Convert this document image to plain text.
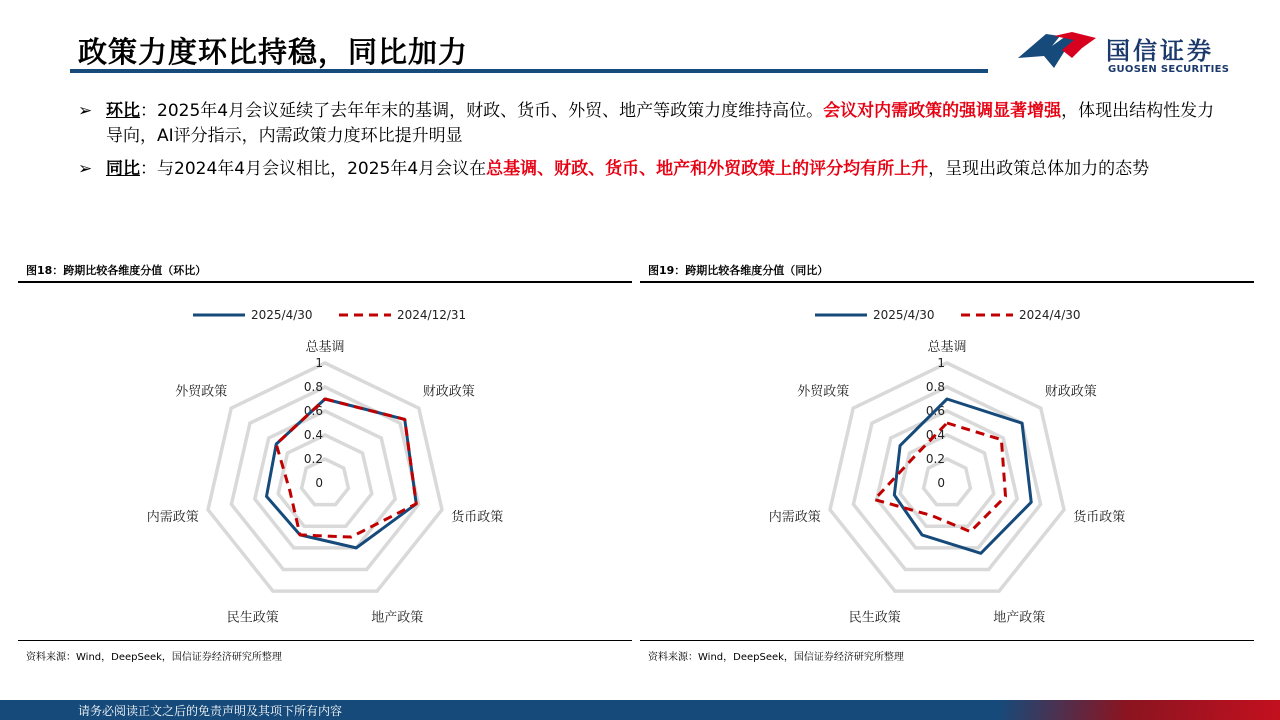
政策力度环比持稳，同比加力	国信证券
GUOSEN SECURITIES
➢ 环比：2025年4月会议延续了去年年末的基调，财政、货币、外贸、地产等政策力度维持高位。会议对内需政策的强调显著增强，体现出结构性发力导向，AI评分指示，内需政策力度环比提升明显
➢ 同比：与2024年4月会议相比，2025年4月会议在总基调、财政、货币、地产和外贸政策上的评分均有所上升，呈现出政策总体加力的态势
图18：跨期比较各维度分值（环比）
0
0.2
0.4
0.6
0.8
1
总基调
财政政策
货币政策
地产政策
民生政策
内需政策
外贸政策
2025/4/30	2024/12/31
资料来源：Wind，DeepSeek，国信证券经济研究所整理
图19：跨期比较各维度分值（同比）
0
0.2
0.4
0.6
0.8
1
总基调
财政政策
货币政策
地产政策
民生政策
内需政策
外贸政策
2025/4/30	2024/4/30
资料来源：Wind，DeepSeek，国信证券经济研究所整理
请务必阅读正文之后的免责声明及其项下所有内容
